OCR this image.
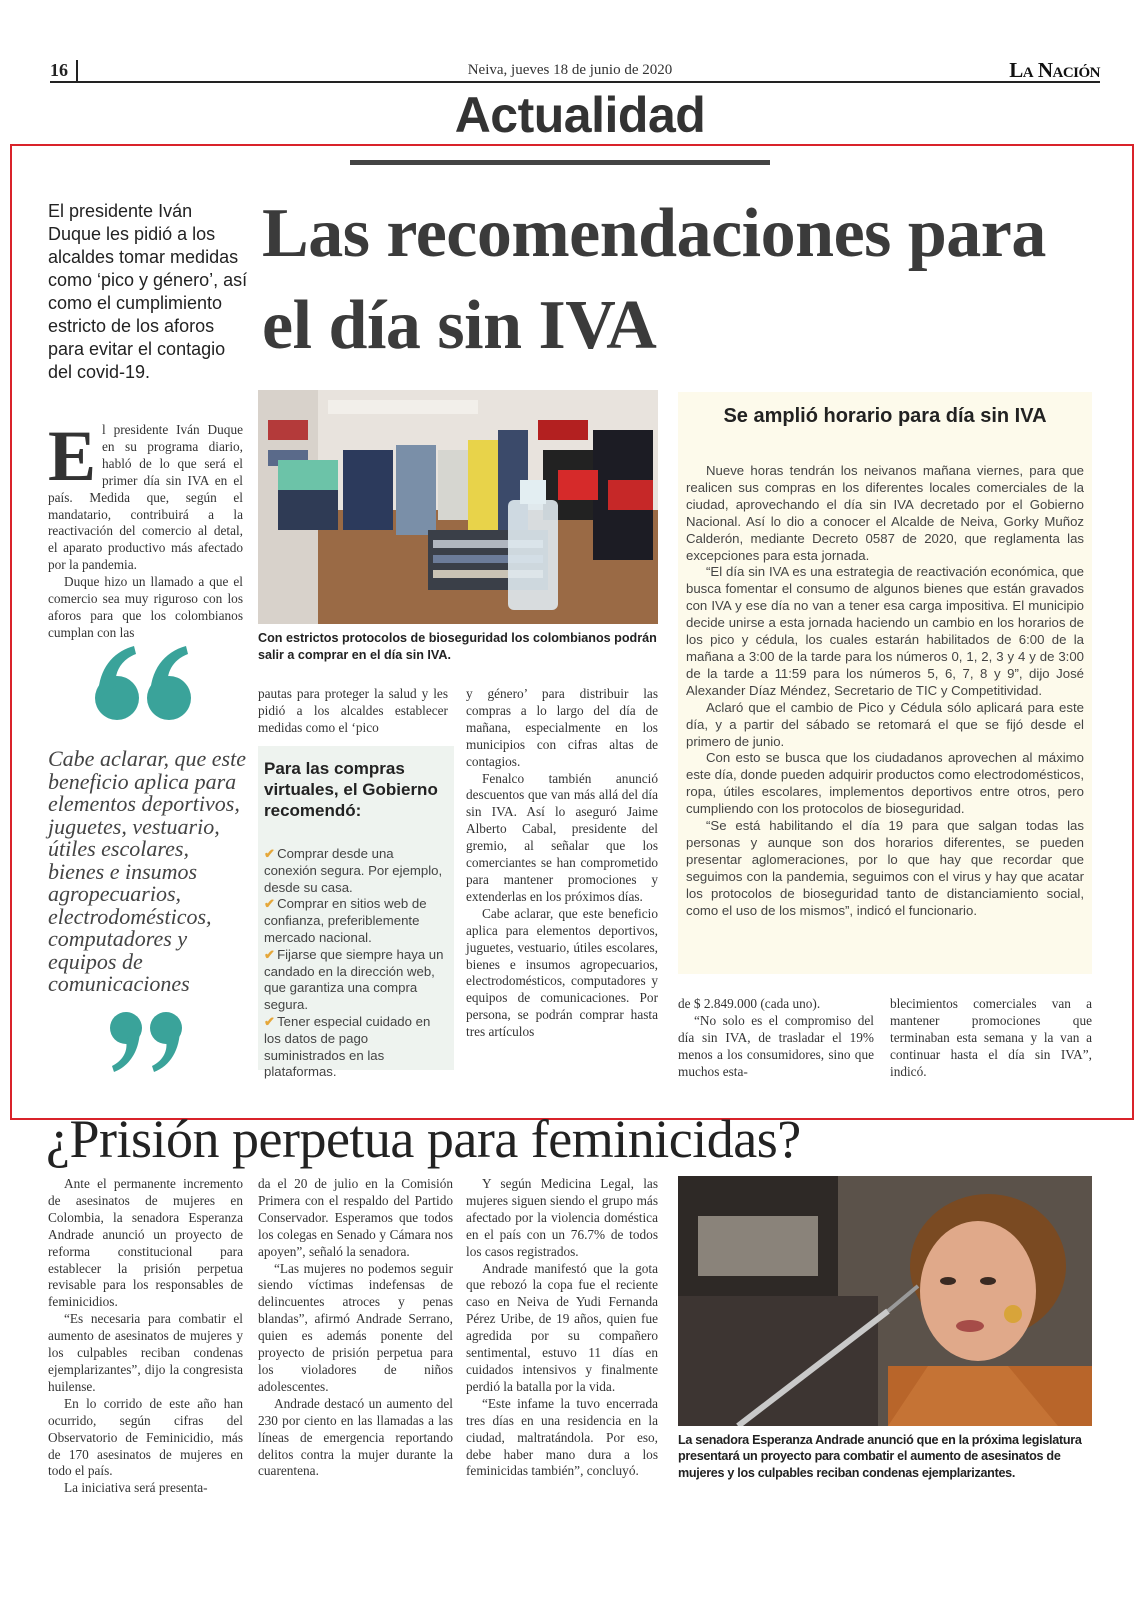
16	Neiva, jueves 18 de junio de 2020	La Nación
Actualidad
El presidente Iván Duque les pidió a los alcaldes tomar medidas como ‘pico y género’, así como el cumplimiento estricto de los aforos para evitar el contagio del covid-19.
Las recomendaciones para el día sin IVA

El presidente Iván Duque en su programa diario, habló de lo que será el primer día sin IVA en el país. Medida que, según el mandatario, contribuirá a la reactivación del comercio al detal, el aparato productivo más afectado por la pandemia.

Duque hizo un llamado a que el comercio sea muy riguroso con los aforos para que los colombianos cumplan con las

Cabe aclarar, que este beneficio aplica para elementos deportivos, juguetes, vestuario, útiles escolares, bienes e insumos agropecuarios, electrodomésticos, computadores y equipos de comunicaciones
Con estrictos protocolos de bioseguridad los colombianos podrán salir a comprar en el día sin IVA.

pautas para proteger la salud y les pidió a los alcaldes establecer medidas como el ‘pico

Para las compras virtuales, el Gobierno recomendó:

✔ Comprar desde una conexión segura. Por ejemplo, desde su casa.

✔ Comprar en sitios web de confianza, preferiblemente mercado nacional.

✔ Fijarse que siempre haya un candado en la dirección web, que garantiza una compra segura.

✔ Tener especial cuidado en los datos de pago suministrados en las plataformas.

y género’ para distribuir las compras a lo largo del día de mañana, especialmente en los municipios con cifras altas de contagios.

Fenalco también anunció descuentos que van más allá del día sin IVA. Así lo aseguró Jaime Alberto Cabal, presidente del gremio, al señalar que los comerciantes se han comprometido para mantener promociones y extenderlas en los próximos días.

Cabe aclarar, que este beneficio aplica para elementos deportivos, juguetes, vestuario, útiles escolares, bienes e insumos agropecuarios, electrodomésticos, computadores y equipos de comunicaciones. Por persona, se podrán comprar hasta tres artículos

Se amplió horario para día sin IVA

Nueve horas tendrán los neivanos mañana viernes, para que realicen sus compras en los diferentes locales comerciales de la ciudad, aprovechando el día sin IVA decretado por el Gobierno Nacional. Así lo dio a conocer el Alcalde de Neiva, Gorky Muñoz Calderón, mediante Decreto 0587 de 2020, que reglamenta las excepciones para esta jornada.

“El día sin IVA es una estrategia de reactivación económica, que busca fomentar el consumo de algunos bienes que están gravados con IVA y ese día no van a tener esa carga impositiva. El municipio decide unirse a esta jornada haciendo un cambio en los horarios de los pico y cédula, los cuales estarán habilitados de 6:00 de la mañana a 3:00 de la tarde para los números 0, 1, 2, 3 y 4 y de 3:00 de la tarde a 11:59 para los números 5, 6, 7, 8 y 9”, dijo José Alexander Díaz Méndez, Secretario de TIC y Competitividad.

Aclaró que el cambio de Pico y Cédula sólo aplicará para este día, y a partir del sábado se retomará el que se fijó desde el primero de junio.

Con esto se busca que los ciudadanos aprovechen al máximo este día, donde pueden adquirir productos como electrodomésticos, ropa, útiles escolares, implementos deportivos entre otros, pero cumpliendo con los protocolos de bioseguridad.

“Se está habilitando el día 19 para que salgan todas las personas y aunque son dos horarios diferentes, se pueden presentar aglomeraciones, por lo que hay que recordar que seguimos con la pandemia, seguimos con el virus y hay que acatar los protocolos de bioseguridad tanto de distanciamiento social, como el uso de los mismos”, indicó el funcionario.

de $ 2.849.000 (cada uno).

“No solo es el compromiso del día sin IVA, de trasladar el 19% menos a los consumidores, sino que muchos esta-

blecimientos comerciales van a mantener promociones que terminaban esta semana y la van a continuar hasta el día sin IVA”, indicó.

¿Prisión perpetua para feminicidas?

Ante el permanente incremento de asesinatos de mujeres en Colombia, la senadora Esperanza Andrade anunció un proyecto de reforma constitucional para establecer la prisión perpetua revisable para los responsables de feminicidios.

“Es necesaria para combatir el aumento de asesinatos de mujeres y los culpables reciban condenas ejemplarizantes”, dijo la congresista huilense.

En lo corrido de este año han ocurrido, según cifras del Observatorio de Feminicidio, más de 170 asesinatos de mujeres en todo el país.

La iniciativa será presenta-

da el 20 de julio en la Comisión Primera con el respaldo del Partido Conservador. Esperamos que todos los colegas en Senado y Cámara nos apoyen”, señaló la senadora.

“Las mujeres no podemos seguir siendo víctimas indefensas de delincuentes atroces y penas blandas”, afirmó Andrade Serrano, quien es además ponente del proyecto de prisión perpetua para los violadores de niños adolescentes.

Andrade destacó un aumento del 230 por ciento en las llamadas a las líneas de emergencia reportando delitos contra la mujer durante la cuarentena.

Y según Medicina Legal, las mujeres siguen siendo el grupo más afectado por la violencia doméstica en el país con un 76.7% de todos los casos registrados.

Andrade manifestó que la gota que rebozó la copa fue el reciente caso en Neiva de Yudi Fernanda Pérez Uribe, de 19 años, quien fue agredida por su compañero sentimental, estuvo 11 días en cuidados intensivos y finalmente perdió la batalla por la vida.

“Este infame la tuvo encerrada tres días en una residencia en la ciudad, maltratándola. Por eso, debe haber mano dura a los feminicidas también”, concluyó.

La senadora Esperanza Andrade anunció que en la próxima legislatura presentará un proyecto para combatir el aumento de asesinatos de mujeres y los culpables reciban condenas ejemplarizantes.
